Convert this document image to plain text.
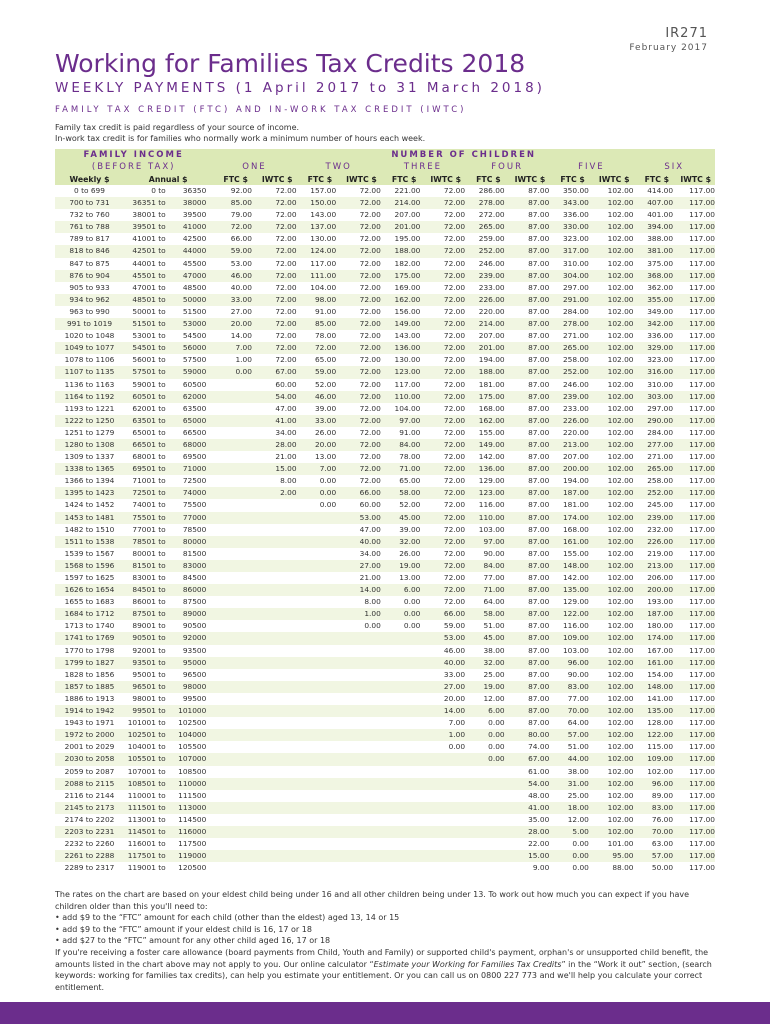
IR271
February 2017
Working for Families Tax Credits 2018
WEEKLY PAYMENTS (1 April 2017 to 31 March 2018)
FAMILY TAX CREDIT (FTC) AND IN-WORK TAX CREDIT (IWTC)
Family tax credit is paid regardless of your source of income.
In-work tax credit is for families who normally work a minimum number of hours each week.
FAMILY INCOME			NUMBER OF CHILDREN											
(BEFORE TAX)			ONE		TWO		THREE		FOUR		FIVE		SIX	
Weekly $	Annual $		FTC $	IWTC $	FTC $	IWTC $	FTC $	IWTC $	FTC $	IWTC $	FTC $	IWTC $	FTC $	IWTC $
0 to 699	0 to	36350	92.00	72.00	157.00	72.00	221.00	72.00	286.00	87.00	350.00	102.00	414.00	117.00
700 to 731	36351 to	38000	85.00	72.00	150.00	72.00	214.00	72.00	278.00	87.00	343.00	102.00	407.00	117.00
732 to 760	38001 to	39500	79.00	72.00	143.00	72.00	207.00	72.00	272.00	87.00	336.00	102.00	401.00	117.00
761 to 788	39501 to	41000	72.00	72.00	137.00	72.00	201.00	72.00	265.00	87.00	330.00	102.00	394.00	117.00
789 to 817	41001 to	42500	66.00	72.00	130.00	72.00	195.00	72.00	259.00	87.00	323.00	102.00	388.00	117.00
818 to 846	42501 to	44000	59.00	72.00	124.00	72.00	188.00	72.00	252.00	87.00	317.00	102.00	381.00	117.00
847 to 875	44001 to	45500	53.00	72.00	117.00	72.00	182.00	72.00	246.00	87.00	310.00	102.00	375.00	117.00
876 to 904	45501 to	47000	46.00	72.00	111.00	72.00	175.00	72.00	239.00	87.00	304.00	102.00	368.00	117.00
905 to 933	47001 to	48500	40.00	72.00	104.00	72.00	169.00	72.00	233.00	87.00	297.00	102.00	362.00	117.00
934 to 962	48501 to	50000	33.00	72.00	98.00	72.00	162.00	72.00	226.00	87.00	291.00	102.00	355.00	117.00
963 to 990	50001 to	51500	27.00	72.00	91.00	72.00	156.00	72.00	220.00	87.00	284.00	102.00	349.00	117.00
991 to 1019	51501 to	53000	20.00	72.00	85.00	72.00	149.00	72.00	214.00	87.00	278.00	102.00	342.00	117.00
1020 to 1048	53001 to	54500	14.00	72.00	78.00	72.00	143.00	72.00	207.00	87.00	271.00	102.00	336.00	117.00
1049 to 1077	54501 to	56000	7.00	72.00	72.00	72.00	136.00	72.00	201.00	87.00	265.00	102.00	329.00	117.00
1078 to 1106	56001 to	57500	1.00	72.00	65.00	72.00	130.00	72.00	194.00	87.00	258.00	102.00	323.00	117.00
1107 to 1135	57501 to	59000	0.00	67.00	59.00	72.00	123.00	72.00	188.00	87.00	252.00	102.00	316.00	117.00
1136 to 1163	59001 to	60500		60.00	52.00	72.00	117.00	72.00	181.00	87.00	246.00	102.00	310.00	117.00
1164 to 1192	60501 to	62000		54.00	46.00	72.00	110.00	72.00	175.00	87.00	239.00	102.00	303.00	117.00
1193 to 1221	62001 to	63500		47.00	39.00	72.00	104.00	72.00	168.00	87.00	233.00	102.00	297.00	117.00
1222 to 1250	63501 to	65000		41.00	33.00	72.00	97.00	72.00	162.00	87.00	226.00	102.00	290.00	117.00
1251 to 1279	65001 to	66500		34.00	26.00	72.00	91.00	72.00	155.00	87.00	220.00	102.00	284.00	117.00
1280 to 1308	66501 to	68000		28.00	20.00	72.00	84.00	72.00	149.00	87.00	213.00	102.00	277.00	117.00
1309 to 1337	68001 to	69500		21.00	13.00	72.00	78.00	72.00	142.00	87.00	207.00	102.00	271.00	117.00
1338 to 1365	69501 to	71000		15.00	7.00	72.00	71.00	72.00	136.00	87.00	200.00	102.00	265.00	117.00
1366 to 1394	71001 to	72500		8.00	0.00	72.00	65.00	72.00	129.00	87.00	194.00	102.00	258.00	117.00
1395 to 1423	72501 to	74000		2.00	0.00	66.00	58.00	72.00	123.00	87.00	187.00	102.00	252.00	117.00
1424 to 1452	74001 to	75500			0.00	60.00	52.00	72.00	116.00	87.00	181.00	102.00	245.00	117.00
1453 to 1481	75501 to	77000				53.00	45.00	72.00	110.00	87.00	174.00	102.00	239.00	117.00
1482 to 1510	77001 to	78500				47.00	39.00	72.00	103.00	87.00	168.00	102.00	232.00	117.00
1511 to 1538	78501 to	80000				40.00	32.00	72.00	97.00	87.00	161.00	102.00	226.00	117.00
1539 to 1567	80001 to	81500				34.00	26.00	72.00	90.00	87.00	155.00	102.00	219.00	117.00
1568 to 1596	81501 to	83000				27.00	19.00	72.00	84.00	87.00	148.00	102.00	213.00	117.00
1597 to 1625	83001 to	84500				21.00	13.00	72.00	77.00	87.00	142.00	102.00	206.00	117.00
1626 to 1654	84501 to	86000				14.00	6.00	72.00	71.00	87.00	135.00	102.00	200.00	117.00
1655 to 1683	86001 to	87500				8.00	0.00	72.00	64.00	87.00	129.00	102.00	193.00	117.00
1684 to 1712	87501 to	89000				1.00	0.00	66.00	58.00	87.00	122.00	102.00	187.00	117.00
1713 to 1740	89001 to	90500				0.00	0.00	59.00	51.00	87.00	116.00	102.00	180.00	117.00
1741 to 1769	90501 to	92000						53.00	45.00	87.00	109.00	102.00	174.00	117.00
1770 to 1798	92001 to	93500						46.00	38.00	87.00	103.00	102.00	167.00	117.00
1799 to 1827	93501 to	95000						40.00	32.00	87.00	96.00	102.00	161.00	117.00
1828 to 1856	95001 to	96500						33.00	25.00	87.00	90.00	102.00	154.00	117.00
1857 to 1885	96501 to	98000						27.00	19.00	87.00	83.00	102.00	148.00	117.00
1886 to 1913	98001 to	99500						20.00	12.00	87.00	77.00	102.00	141.00	117.00
1914 to 1942	99501 to	101000						14.00	6.00	87.00	70.00	102.00	135.00	117.00
1943 to 1971	101001 to	102500						7.00	0.00	87.00	64.00	102.00	128.00	117.00
1972 to 2000	102501 to	104000						1.00	0.00	80.00	57.00	102.00	122.00	117.00
2001 to 2029	104001 to	105500						0.00	0.00	74.00	51.00	102.00	115.00	117.00
2030 to 2058	105501 to	107000							0.00	67.00	44.00	102.00	109.00	117.00
2059 to 2087	107001 to	108500								61.00	38.00	102.00	102.00	117.00
2088 to 2115	108501 to	110000								54.00	31.00	102.00	96.00	117.00
2116 to 2144	110001 to	111500								48.00	25.00	102.00	89.00	117.00
2145 to 2173	111501 to	113000								41.00	18.00	102.00	83.00	117.00
2174 to 2202	113001 to	114500								35.00	12.00	102.00	76.00	117.00
2203 to 2231	114501 to	116000								28.00	5.00	102.00	70.00	117.00
2232 to 2260	116001 to	117500								22.00	0.00	101.00	63.00	117.00
2261 to 2288	117501 to	119000								15.00	0.00	95.00	57.00	117.00
2289 to 2317	119001 to	120500								9.00	0.00	88.00	50.00	117.00
The rates on the chart are based on your eldest child being under 16 and all other children being under 13. To work out how much you can expect if you have children older than this you'll need to:
• add $9 to the “FTC” amount for each child (other than the eldest) aged 13, 14 or 15
• add $9 to the “FTC” amount if your eldest child is 16, 17 or 18
• add $27 to the “FTC” amount for any other child aged 16, 17 or 18
If you're receiving a foster care allowance (board payments from Child, Youth and Family) or supported child's payment, orphan's or unsupported child benefit, the amounts listed in the chart above may not apply to you. Our online calculator “Estimate your Working for Families Tax Credits” in the “Work it out” section, (search keywords: working for families tax credits), can help you estimate your entitlement. Or you can call us on 0800 227 773 and we'll help you calculate your correct entitlement.
